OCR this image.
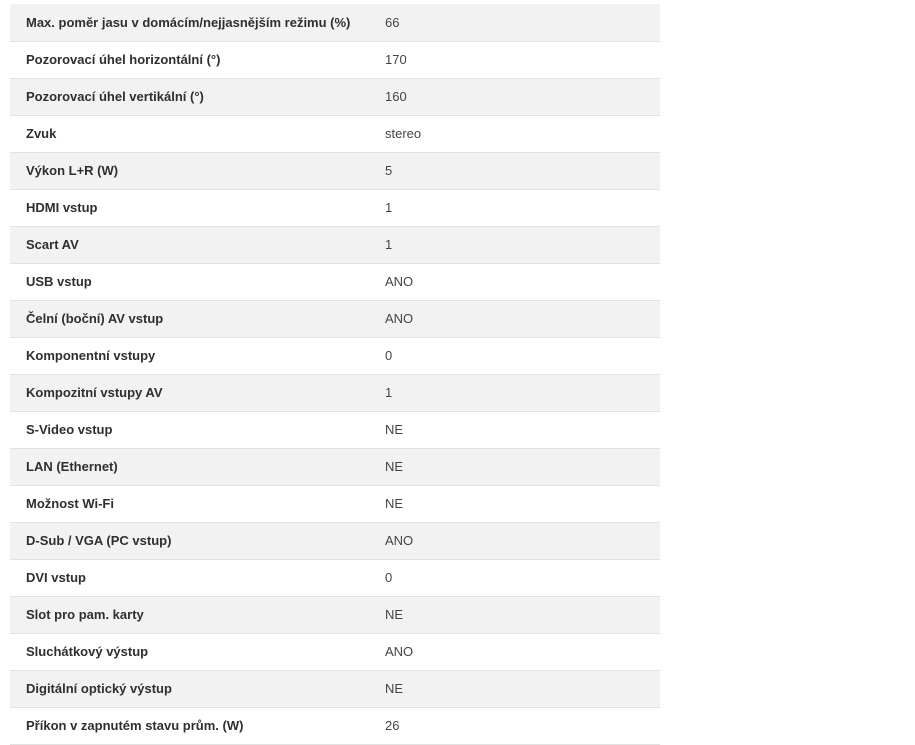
Max. poměr jasu v domácím/nejjasnějším režimu (%)	66
Pozorovací úhel horizontální (°)	170
Pozorovací úhel vertikální (°)	160
Zvuk	stereo
Výkon L+R (W)	5
HDMI vstup	1
Scart AV	1
USB vstup	ANO
Čelní (boční) AV vstup	ANO
Komponentní vstupy	0
Kompozitní vstupy AV	1
S-Video vstup	NE
LAN (Ethernet)	NE
Možnost Wi-Fi	NE
D-Sub / VGA (PC vstup)	ANO
DVI vstup	0
Slot pro pam. karty	NE
Sluchátkový výstup	ANO
Digitální optický výstup	NE
Příkon v zapnutém stavu prům. (W)	26
